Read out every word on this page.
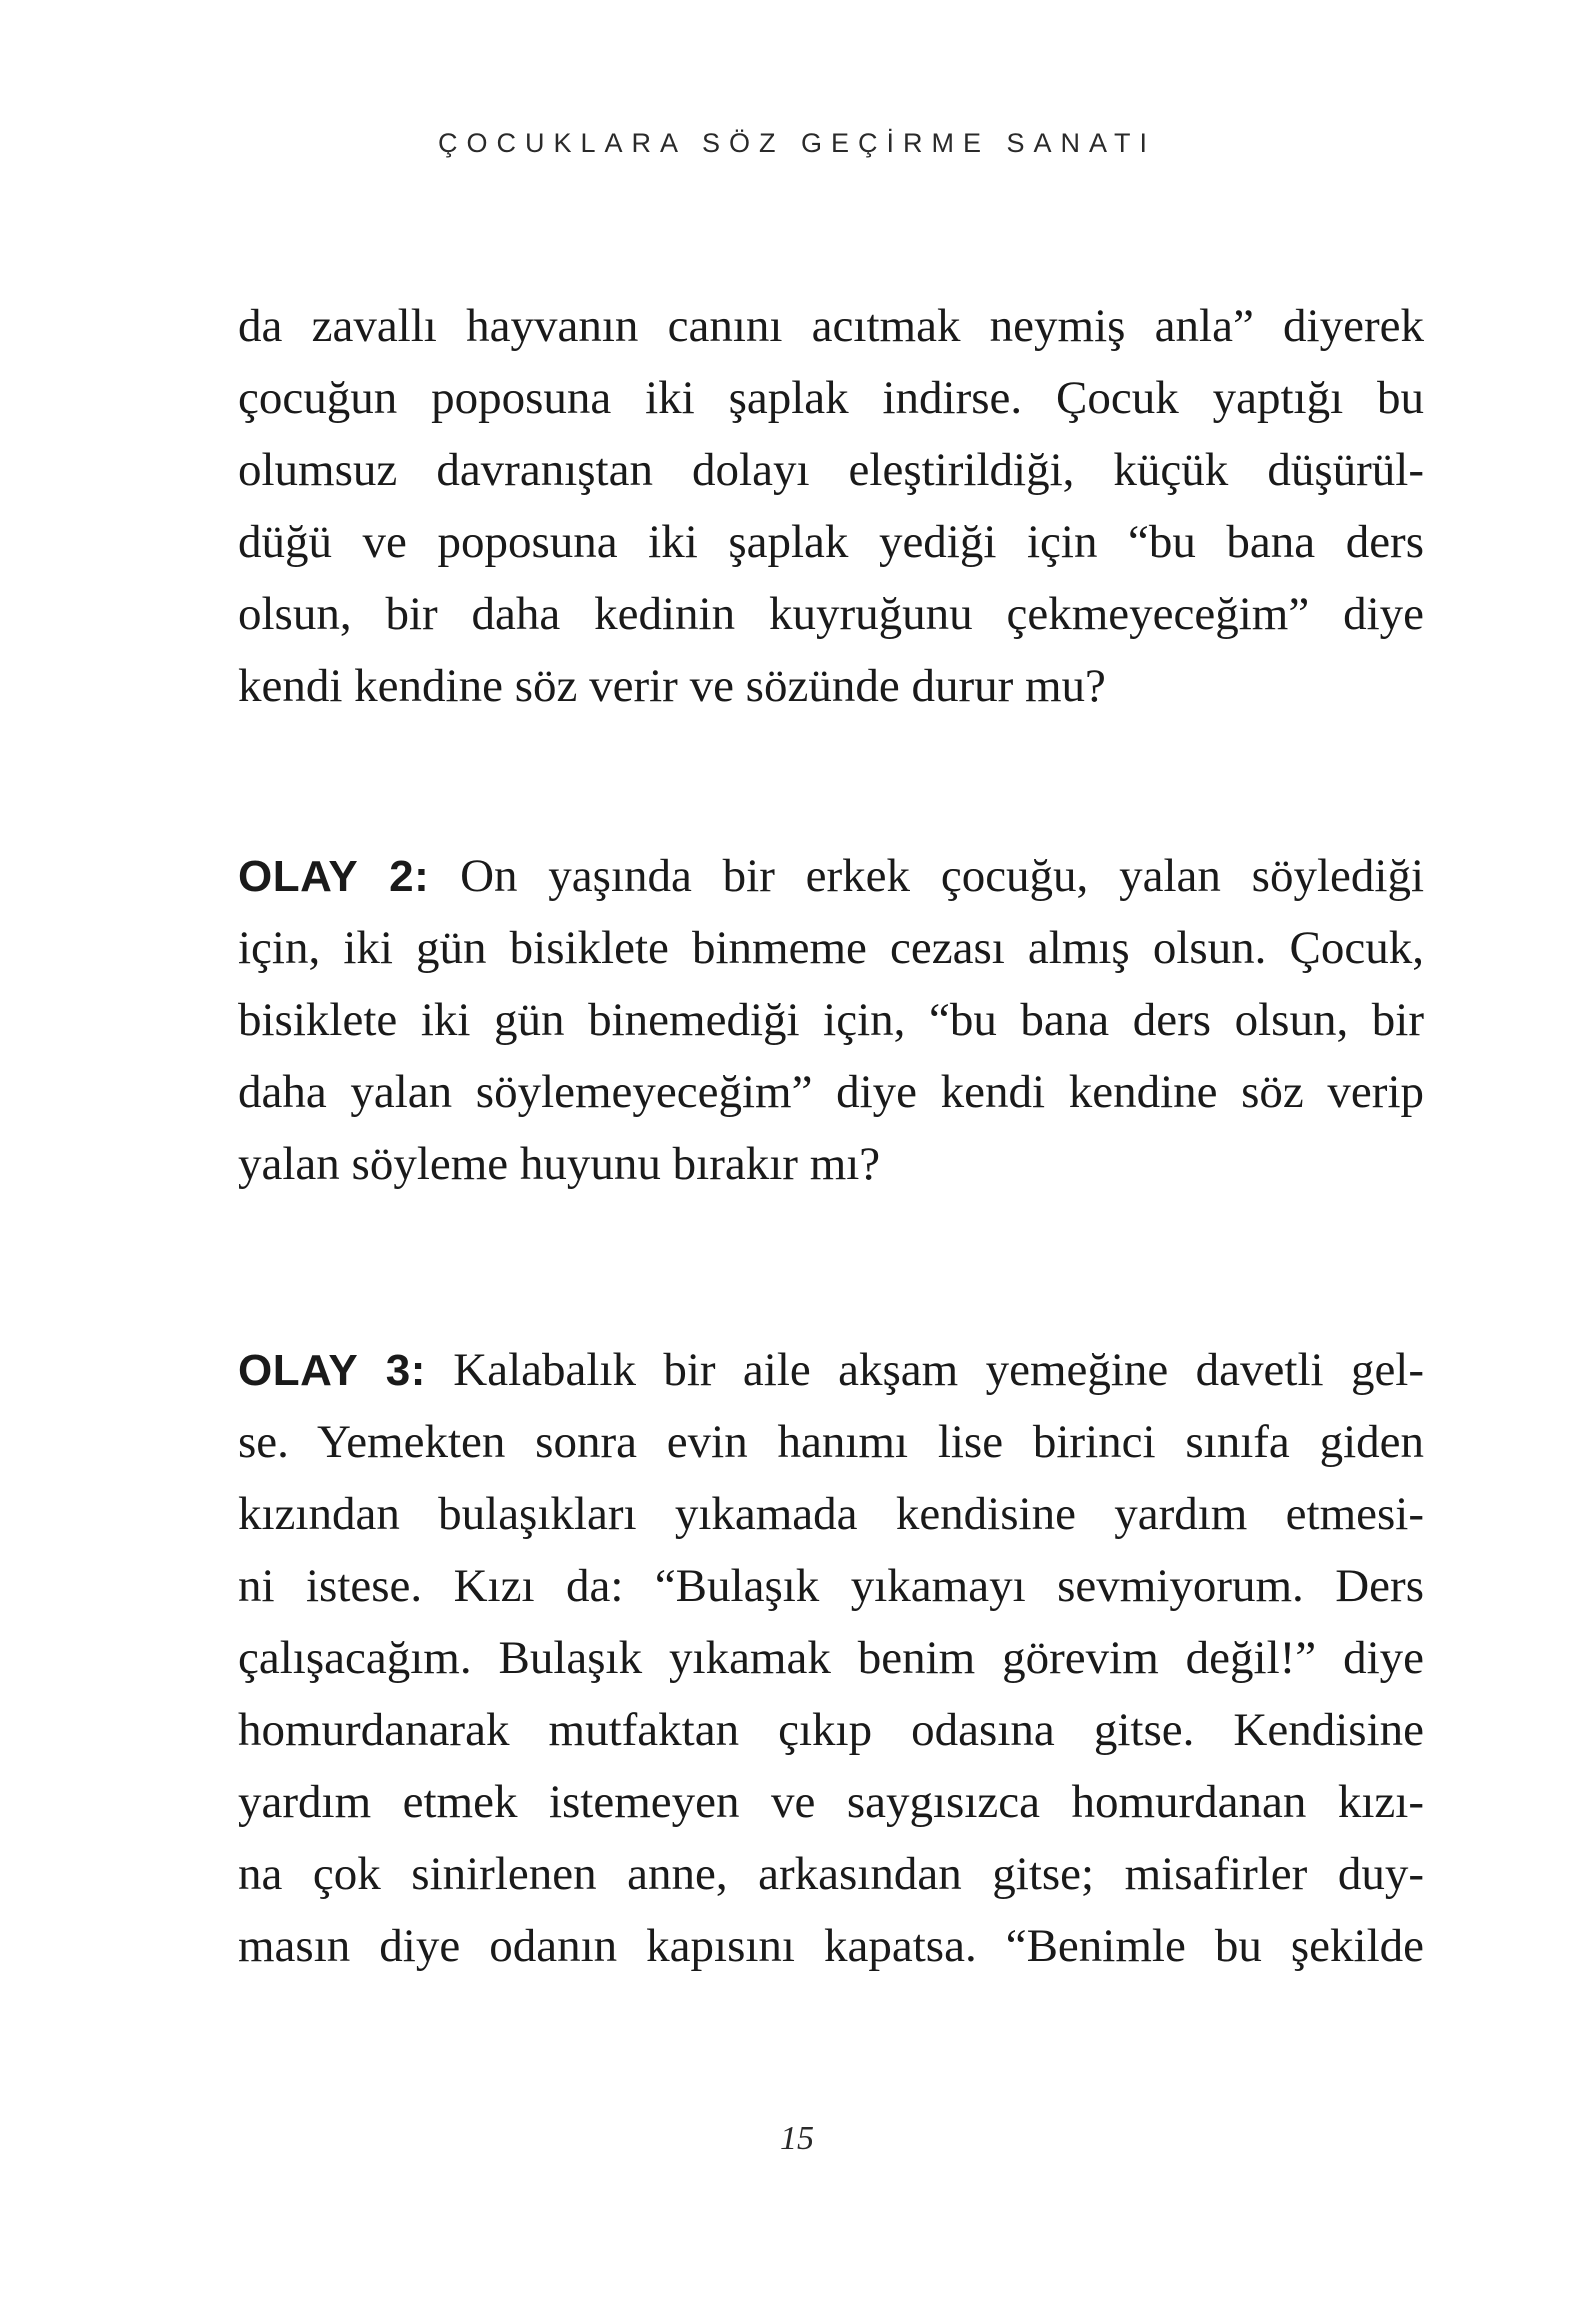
ÇOCUKLARA SÖZ GEÇİRME SANATI
da zavallı hayvanın canını acıtmak neymiş anla” diyerek
çocuğun poposuna iki şaplak indirse. Çocuk yaptığı bu
olumsuz davranıştan dolayı eleştirildiği, küçük düşürül-
düğü ve poposuna iki şaplak yediği için “bu bana ders
olsun, bir daha kedinin kuyruğunu çekmeyeceğim” diye
kendi kendine söz verir ve sözünde durur mu?
OLAY 2: On yaşında bir erkek çocuğu, yalan söylediği
için, iki gün bisiklete binmeme cezası almış olsun. Çocuk,
bisiklete iki gün binemediği için, “bu bana ders olsun, bir
daha yalan söylemeyeceğim” diye kendi kendine söz verip
yalan söyleme huyunu bırakır mı?
OLAY 3: Kalabalık bir aile akşam yemeğine davetli gel-
se. Yemekten sonra evin hanımı lise birinci sınıfa giden
kızından bulaşıkları yıkamada kendisine yardım etmesi-
ni istese. Kızı da: “Bulaşık yıkamayı sevmiyorum. Ders
çalışacağım. Bulaşık yıkamak benim görevim değil!” diye
homurdanarak mutfaktan çıkıp odasına gitse. Kendisine
yardım etmek istemeyen ve saygısızca homurdanan kızı-
na çok sinirlenen anne, arkasından gitse; misafirler duy-
masın diye odanın kapısını kapatsa. “Benimle bu şekilde
15
